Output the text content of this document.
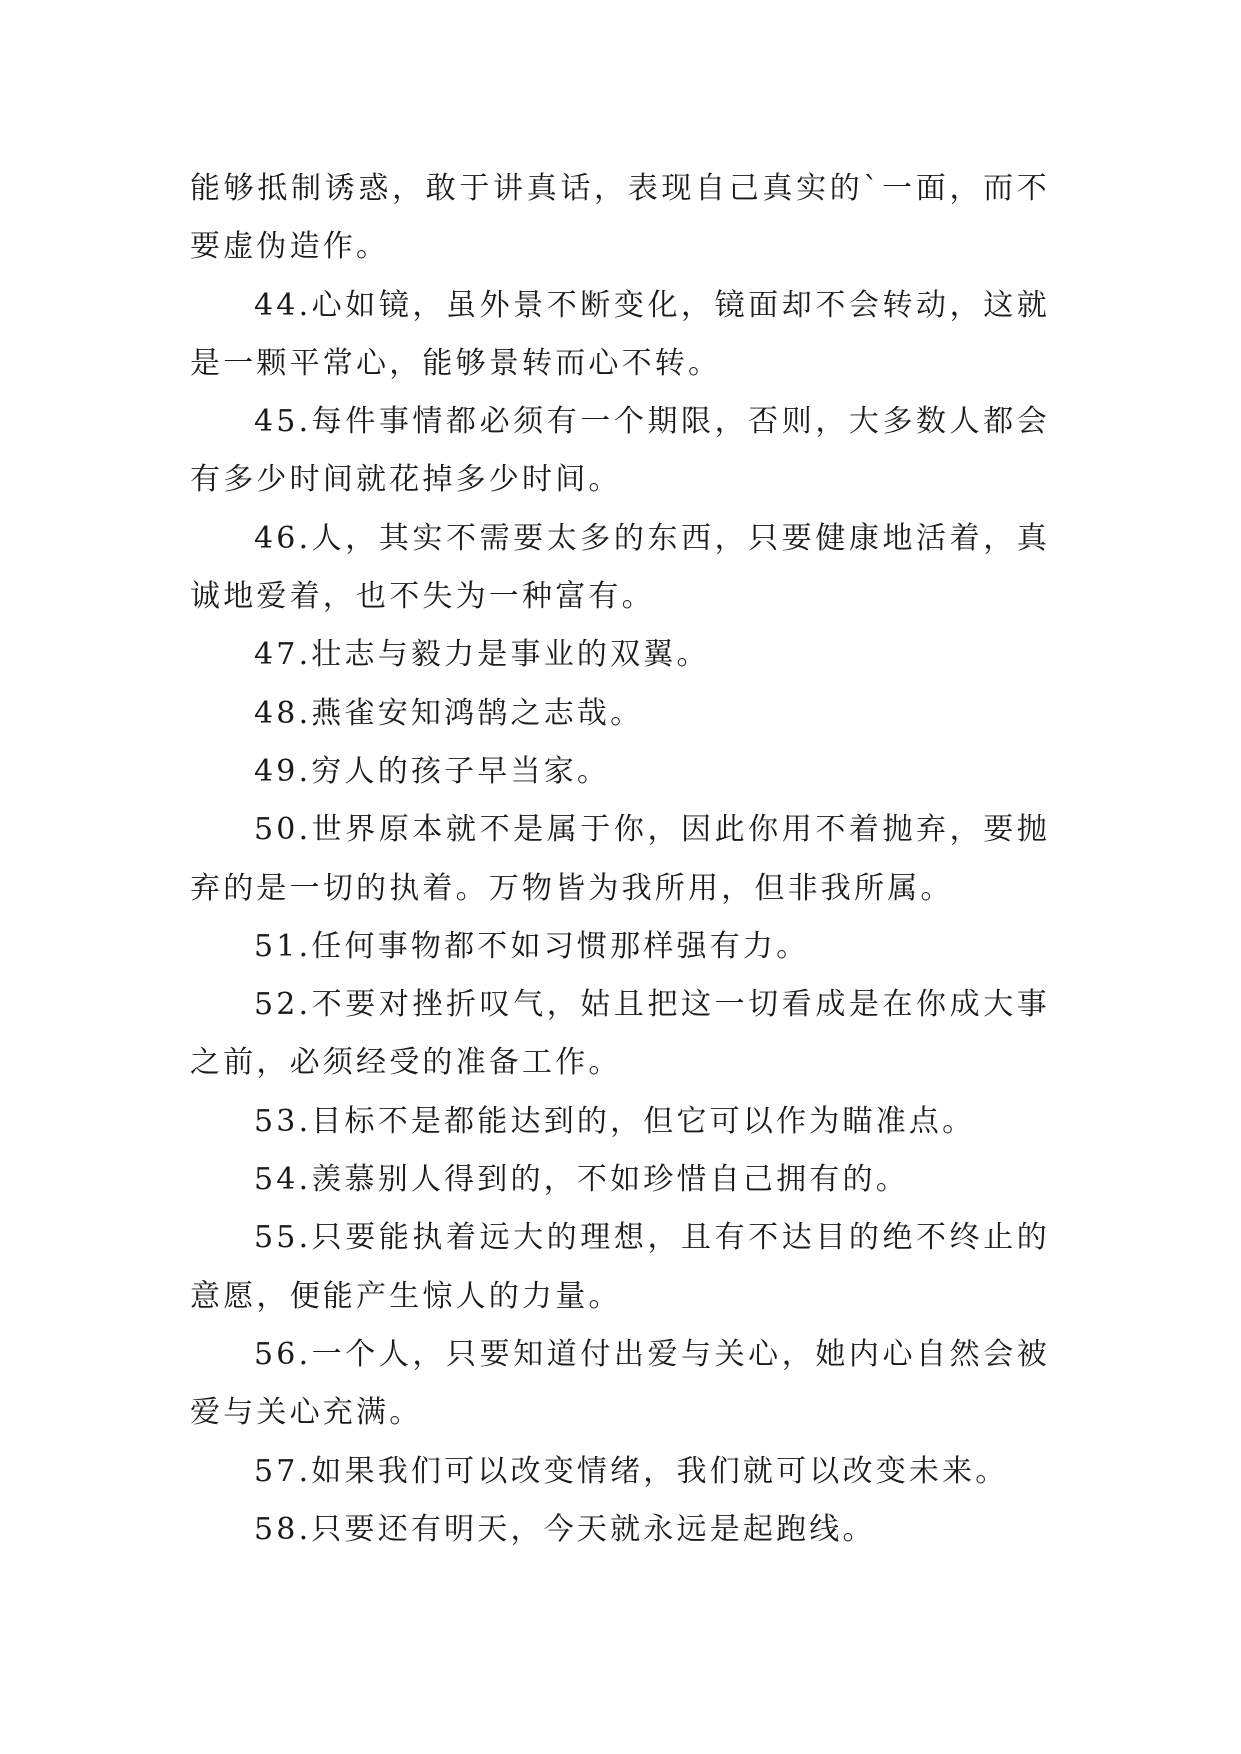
能够抵制诱惑，敢于讲真话，表现自己真实的`一面，而不要虚伪造作。

44.心如镜，虽外景不断变化，镜面却不会转动，这就是一颗平常心，能够景转而心不转。

45.每件事情都必须有一个期限，否则，大多数人都会有多少时间就花掉多少时间。

46.人，其实不需要太多的东西，只要健康地活着，真诚地爱着，也不失为一种富有。

47.壮志与毅力是事业的双翼。

48.燕雀安知鸿鹄之志哉。

49.穷人的孩子早当家。

50.世界原本就不是属于你，因此你用不着抛弃，要抛弃的是一切的执着。万物皆为我所用，但非我所属。

51.任何事物都不如习惯那样强有力。

52.不要对挫折叹气，姑且把这一切看成是在你成大事之前，必须经受的准备工作。

53.目标不是都能达到的，但它可以作为瞄准点。

54.羡慕别人得到的，不如珍惜自己拥有的。

55.只要能执着远大的理想，且有不达目的绝不终止的意愿，便能产生惊人的力量。

56.一个人，只要知道付出爱与关心，她内心自然会被爱与关心充满。

57.如果我们可以改变情绪，我们就可以改变未来。

58.只要还有明天，今天就永远是起跑线。
